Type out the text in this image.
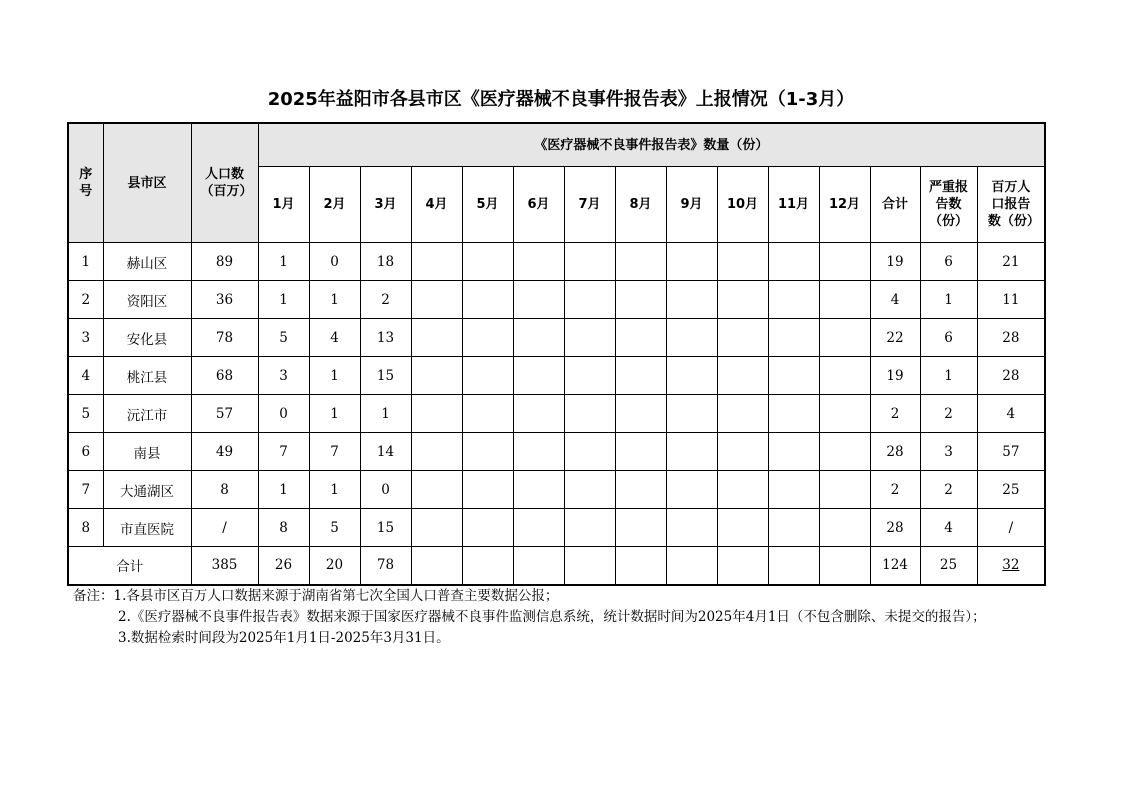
2025年益阳市各县市区《医疗器械不良事件报告表》上报情况（1-3月）
序号	县市区	人口数（百万）	《医疗器械不良事件报告表》数量（份）														
			1月	2月	3月	4月	5月	6月	7月	8月	9月	10月	11月	12月	合计	严重报告数（份）	百万人口报告数（份）
1	赫山区	89	1	0	18										19	6	21
2	资阳区	36	1	1	2										4	1	11
3	安化县	78	5	4	13										22	6	28
4	桃江县	68	3	1	15										19	1	28
5	沅江市	57	0	1	1										2	2	4
6	南县	49	7	7	14										28	3	57
7	大通湖区	8	1	1	0										2	2	25
8	市直医院	/	8	5	15										28	4	/
合计		385	26	20	78										124	25	32

备注：1.各县市区百万人口数据来源于湖南省第七次全国人口普查主要数据公报；

2.《医疗器械不良事件报告表》数据来源于国家医疗器械不良事件监测信息系统，统计数据时间为2025年4月1日（不包含删除、未提交的报告）；

3.数据检索时间段为2025年1月1日-2025年3月31日。
